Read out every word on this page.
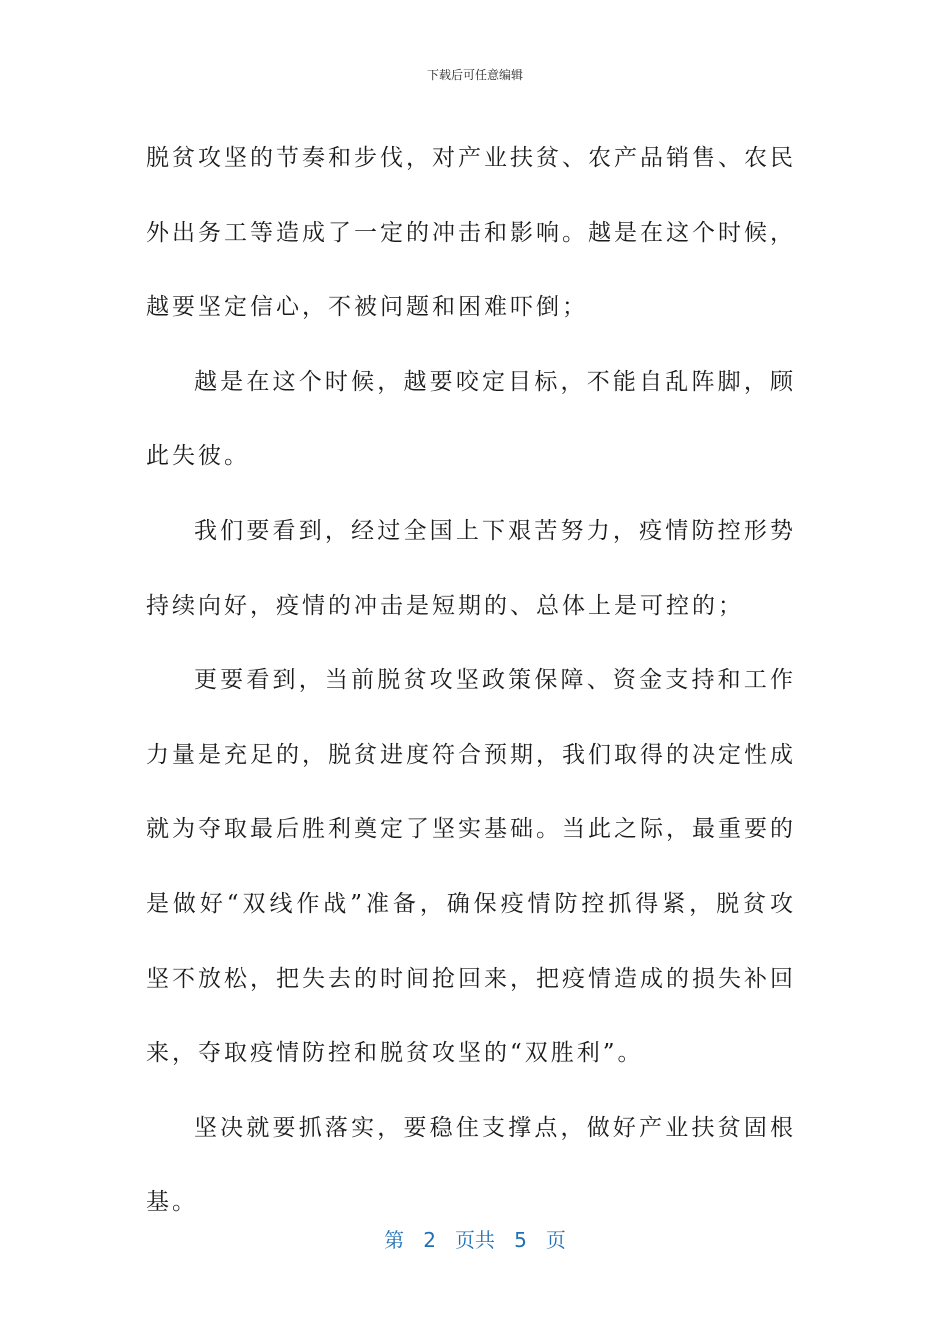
下载后可任意编辑

脱贫攻坚的节奏和步伐，对产业扶贫、农产品销售、农民外出务工等造成了一定的冲击和影响。越是在这个时候，越要坚定信心，不被问题和困难吓倒；

越是在这个时候，越要咬定目标，不能自乱阵脚，顾此失彼。

我们要看到，经过全国上下艰苦努力，疫情防控形势持续向好，疫情的冲击是短期的、总体上是可控的；

更要看到，当前脱贫攻坚政策保障、资金支持和工作力量是充足的，脱贫进度符合预期，我们取得的决定性成就为夺取最后胜利奠定了坚实基础。当此之际，最重要的是做好“双线作战”准备，确保疫情防控抓得紧，脱贫攻坚不放松，把失去的时间抢回来，把疫情造成的损失补回来，夺取疫情防控和脱贫攻坚的“双胜利”。

坚决就要抓落实，要稳住支撑点，做好产业扶贫固根基。

第 2 页共 5 页
